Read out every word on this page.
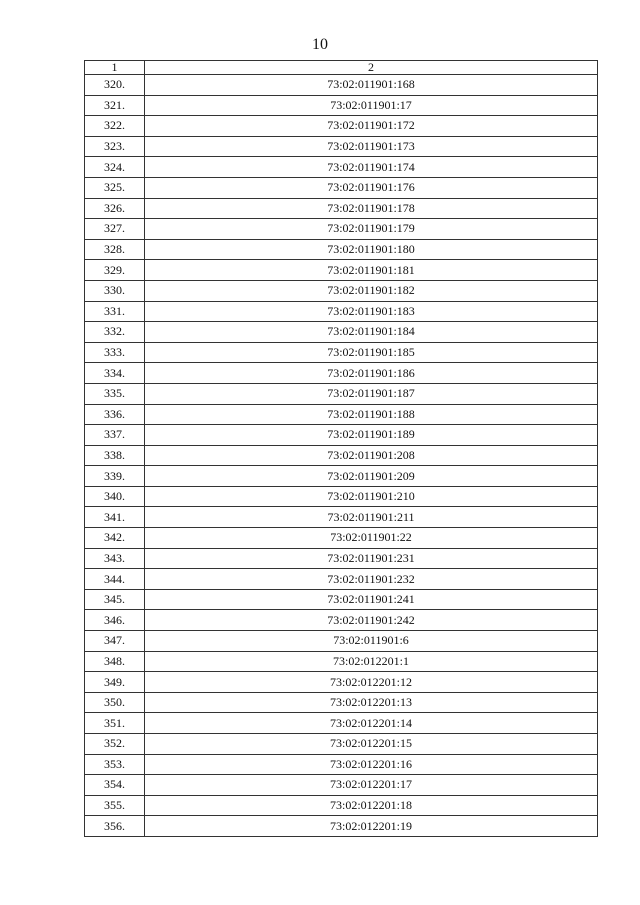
10
1	2
320.	73:02:011901:168
321.	73:02:011901:17
322.	73:02:011901:172
323.	73:02:011901:173
324.	73:02:011901:174
325.	73:02:011901:176
326.	73:02:011901:178
327.	73:02:011901:179
328.	73:02:011901:180
329.	73:02:011901:181
330.	73:02:011901:182
331.	73:02:011901:183
332.	73:02:011901:184
333.	73:02:011901:185
334.	73:02:011901:186
335.	73:02:011901:187
336.	73:02:011901:188
337.	73:02:011901:189
338.	73:02:011901:208
339.	73:02:011901:209
340.	73:02:011901:210
341.	73:02:011901:211
342.	73:02:011901:22
343.	73:02:011901:231
344.	73:02:011901:232
345.	73:02:011901:241
346.	73:02:011901:242
347.	73:02:011901:6
348.	73:02:012201:1
349.	73:02:012201:12
350.	73:02:012201:13
351.	73:02:012201:14
352.	73:02:012201:15
353.	73:02:012201:16
354.	73:02:012201:17
355.	73:02:012201:18
356.	73:02:012201:19
